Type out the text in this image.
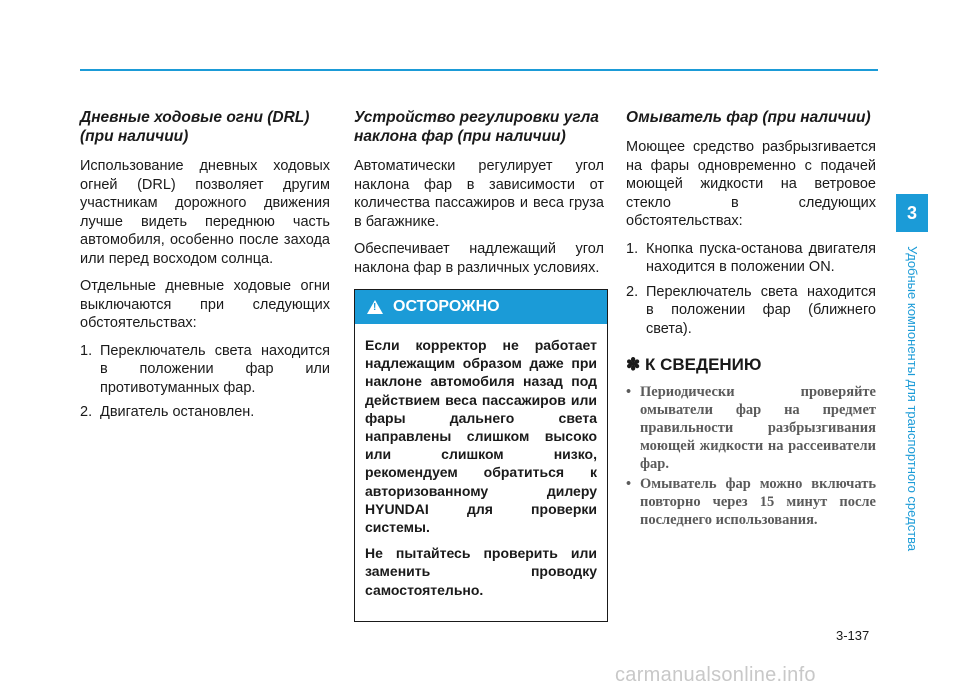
Дневные ходовые огни (DRL) (при наличии)

Использование дневных ходовых огней (DRL) позволяет другим участникам дорожного движения лучше видеть переднюю часть автомобиля, особенно после захода или перед восходом солнца.

Отдельные дневные ходовые огни выключаются при следующих обстоятельствах:

1. Переключатель света находится в положении фар или противотуманных фар.
2. Двигатель остановлен.
Устройство регулировки угла наклона фар (при наличии)

Автоматически регулирует угол наклона фар в зависимости от количества пассажиров и веса груза в багажнике.

Обеспечивает надлежащий угол наклона фар в различных условиях.

!
ОСТОРОЖНО

Если корректор не работает надлежащим образом даже при наклоне автомобиля назад под действием веса пассажиров или фары дальнего света направлены слишком высоко или слишком низко, рекомендуем обратиться к авторизованному дилеру HYUNDAI для проверки системы.

Не пытайтесь проверить или заменить проводку самостоятельно.

Омыватель фар (при наличии)

Моющее средство разбрызгивается на фары одновременно с подачей моющей жидкости на ветровое стекло в следующих обстоятельствах:

1. Кнопка пуска-останова двигателя находится в положении ON.
2. Переключатель света находится в положении фар (ближнего света).
✽ К СВЕДЕНИЮ
• Периодически проверяйте омыватели фар на предмет правильности разбрызгивания моющей жидкости на рассеиватели фар.
• Омыватель фар можно включать повторно через 15 минут после последнего использования.
3
Удобные компоненты для транспортного средства
3-137
carmanualsonline.info
